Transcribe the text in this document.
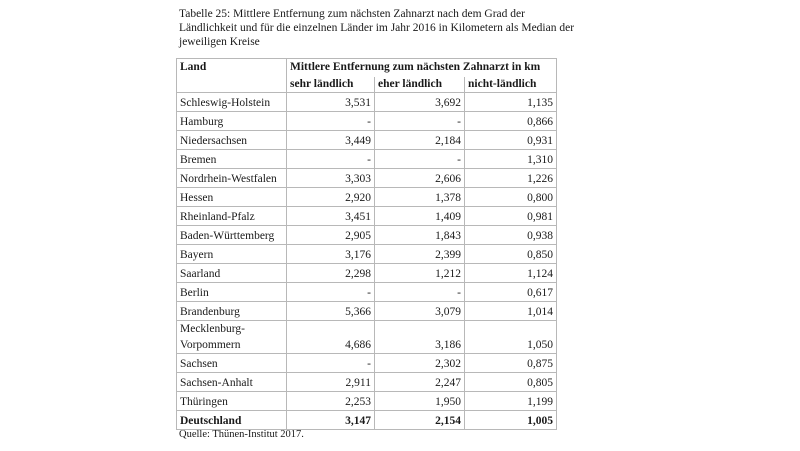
Tabelle 25: Mittlere Entfernung zum nächsten Zahnarzt nach dem Grad der Ländlichkeit und für die einzelnen Länder im Jahr 2016 in Kilometern als Median der jeweiligen Kreise

Land	Mittlere Entfernung zum nächsten Zahnarzt in km		
	sehr ländlich	eher ländlich	nicht-ländlich
Schleswig-Holstein	3,531	3,692	1,135
Hamburg	-	-	0,866
Niedersachsen	3,449	2,184	0,931
Bremen	-	-	1,310
Nordrhein-Westfalen	3,303	2,606	1,226
Hessen	2,920	1,378	0,800
Rheinland-Pfalz	3,451	1,409	0,981
Baden-Württemberg	2,905	1,843	0,938
Bayern	3,176	2,399	0,850
Saarland	2,298	1,212	1,124
Berlin	-	-	0,617
Brandenburg	5,366	3,079	1,014
Mecklenburg-
Vorpommern	4,686	3,186	1,050
Sachsen	-	2,302	0,875
Sachsen-Anhalt	2,911	2,247	0,805
Thüringen	2,253	1,950	1,199
Deutschland	3,147	2,154	1,005

Quelle: Thünen-Institut 2017.
